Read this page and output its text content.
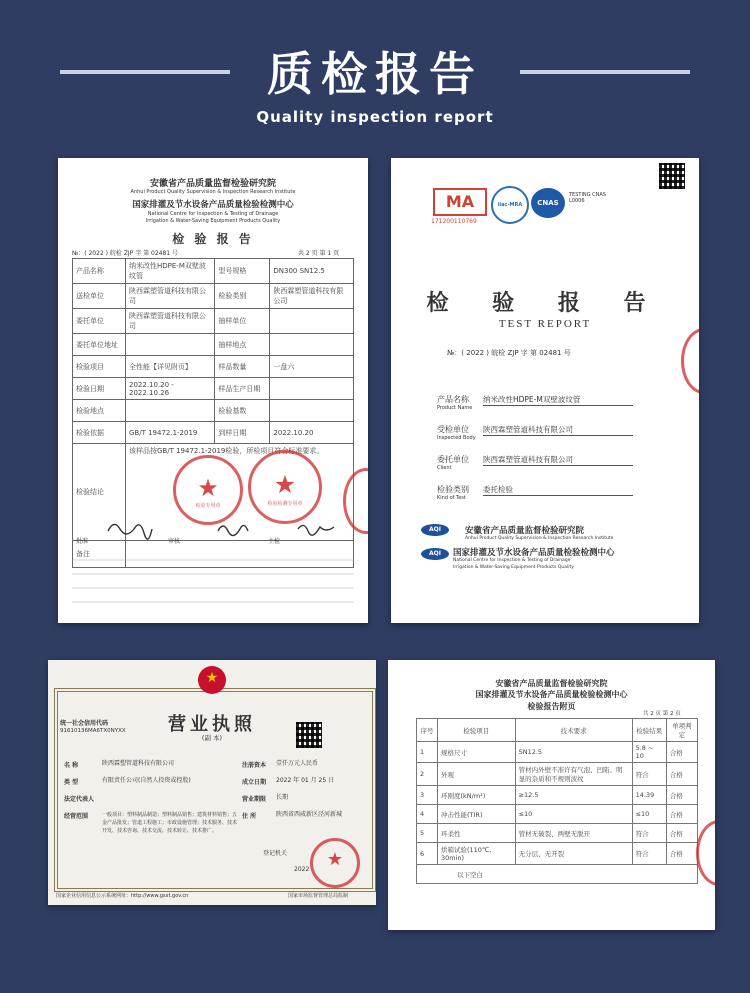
质检报告
Quality inspection report
安徽省产品质量监督检验研究院
Anhui Product Quality Supervision & Inspection Research Institute
国家排灌及节水设备产品质量检验检测中心
National Centre for Inspection & Testing of Drainage
Irrigation & Water-Saving Equipment Products Quality
检 验 报 告
№：( 2022 ) 皖检 ZJP 字 第 02481 号	共 2 页 第 1 页
产品名称	纳米改性HDPE-M双壁波纹管	型号规格	DN300 SN12.5
送检单位	陕西霖塑管道科技有限公司	检验类别	陕西霖塑管道科技有限公司
委托单位	陕西霖塑管道科技有限公司	抽样单位	
委托单位地址		抽样地点	
检验项目	全性能【详见附页】	样品数量	一盘六
检验日期	2022.10.20 - 2022.10.26	样品生产日期	
检验地点		检验基数	
检验依据	GB/T 19472.1-2019	到样日期	2022.10.20
检验结论	该样品按GB/T 19472.1-2019检验，所检项目符合标准要求。		
备注			
★
检验专用章
★
检验检测专用章
批准	审核	主检
MA
171200110769
ilac-MRA	CNAS
TESTING CNAS L0006
检 验 报 告
TEST REPORT
№：( 2022 ) 皖检 ZJP 字 第 02481 号
产品名称
Product Name
纳米改性HDPE-M双壁波纹管
受检单位
Inspected Body
陕西霖塑管道科技有限公司
委托单位
Client
陕西霖塑管道科技有限公司
检验类别
Kind of Test
委托检验
AQI	安徽省产品质量监督检验研究院
Anhui Product Quality Supervision & Inspection Research Institute
AQI	国家排灌及节水设备产品质量检验检测中心
National Centre for Inspection & Testing of Drainage
Irrigation & Water-Saving Equipment Products Quality
★
统一社会信用代码
91610136MA6TX0NYXX	营业执照
(副 本)
名 称	陕西霖塑管道科技有限公司
类 型	有限责任公司(自然人投资或控股)
法定代表人
经营范围	一般项目：塑料制品制造；塑料制品销售；建筑材料销售；五金产品批发；管道工程施工；市政设施管理；技术服务、技术开发、技术咨询、技术交流、技术转让、技术推广。
注册资本	壹仟万元人民币
成立日期	2022 年 01 月 25 日
营业期限	长期
住 所	陕西省西咸新区泾河新城
登记机关
2022 ★
国家企业信用信息公示系统网址：http://www.gsxt.gov.cn	国家市场监督管理总局监制
安徽省产品质量监督检验研究院
国家排灌及节水设备产品质量检验检测中心
检验报告附页
共 2 页 第 2 页
序号	检验项目	技术要求	检验结果	单项判定
1	规格尺寸	SN12.5	5.8 ~ 10	合格
2	外观	管材内外壁不准许有气泡、凹陷、明显的杂质和不规则波纹	符合	合格
3	环刚度(kN/m²)	≥12.5	14.39	合格
4	冲击性能(TIR)	≤10	≤10	合格
5	环柔性	管材无破裂、两壁无脱开	符合	合格
6	烘箱试验(110℃, 30min)	无分层、无开裂	符合	合格
以下空白				
